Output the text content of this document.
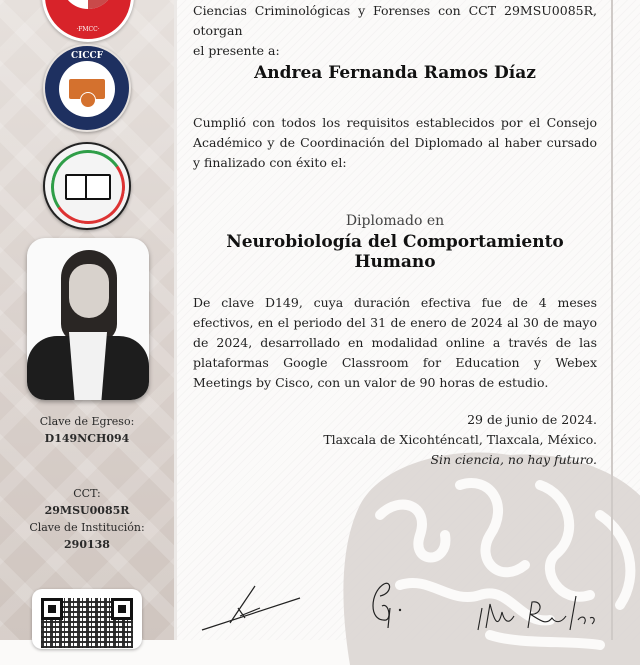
·FMCC·
CICCF
Clave de Egreso:
D149NCH094
CCT:
29MSU0085R
Clave de Institución:
290138
Ciencias Criminológicas y Forenses con CCT 29MSU0085R, otorgan
el presente a:
Andrea Fernanda Ramos Díaz
Cumplió con todos los requisitos establecidos por el Consejo Académico y de Coordinación del Diplomado al haber cursado y finalizado con éxito el:
Diplomado en
Neurobiología del Comportamiento Humano
De clave D149, cuya duración efectiva fue de 4 meses efectivos, en el periodo del 31 de enero de 2024 al 30 de mayo de 2024, desarrollado en modalidad online a través de las plataformas Google Classroom for Education y Webex Meetings by Cisco, con un valor de 90 horas de estudio.
29 de junio de 2024.
Tlaxcala de Xicohténcatl, Tlaxcala, México.
Sin ciencia, no hay futuro.
